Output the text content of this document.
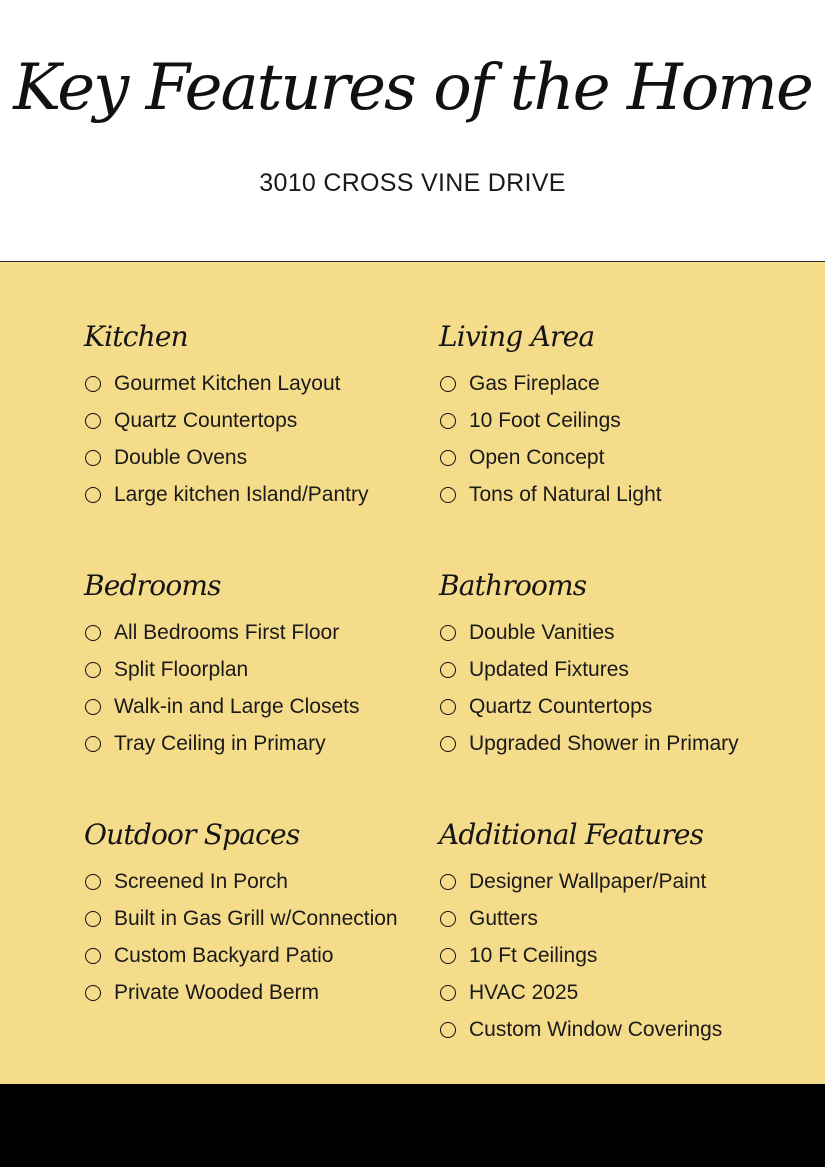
Key Features of the Home
3010 CROSS VINE DRIVE
Kitchen
Gourmet Kitchen Layout
Quartz Countertops
Double Ovens
Large kitchen Island/Pantry
Living Area
Gas Fireplace
10 Foot Ceilings
Open Concept
Tons of Natural Light
Bedrooms
All Bedrooms First Floor
Split Floorplan
Walk-in and Large Closets
Tray Ceiling in Primary
Bathrooms
Double Vanities
Updated Fixtures
Quartz Countertops
Upgraded Shower in Primary
Outdoor Spaces
Screened In Porch
Built in Gas Grill w/Connection
Custom Backyard Patio
Private Wooded Berm
Additional Features
Designer Wallpaper/Paint
Gutters
10 Ft Ceilings
HVAC 2025
Custom Window Coverings
